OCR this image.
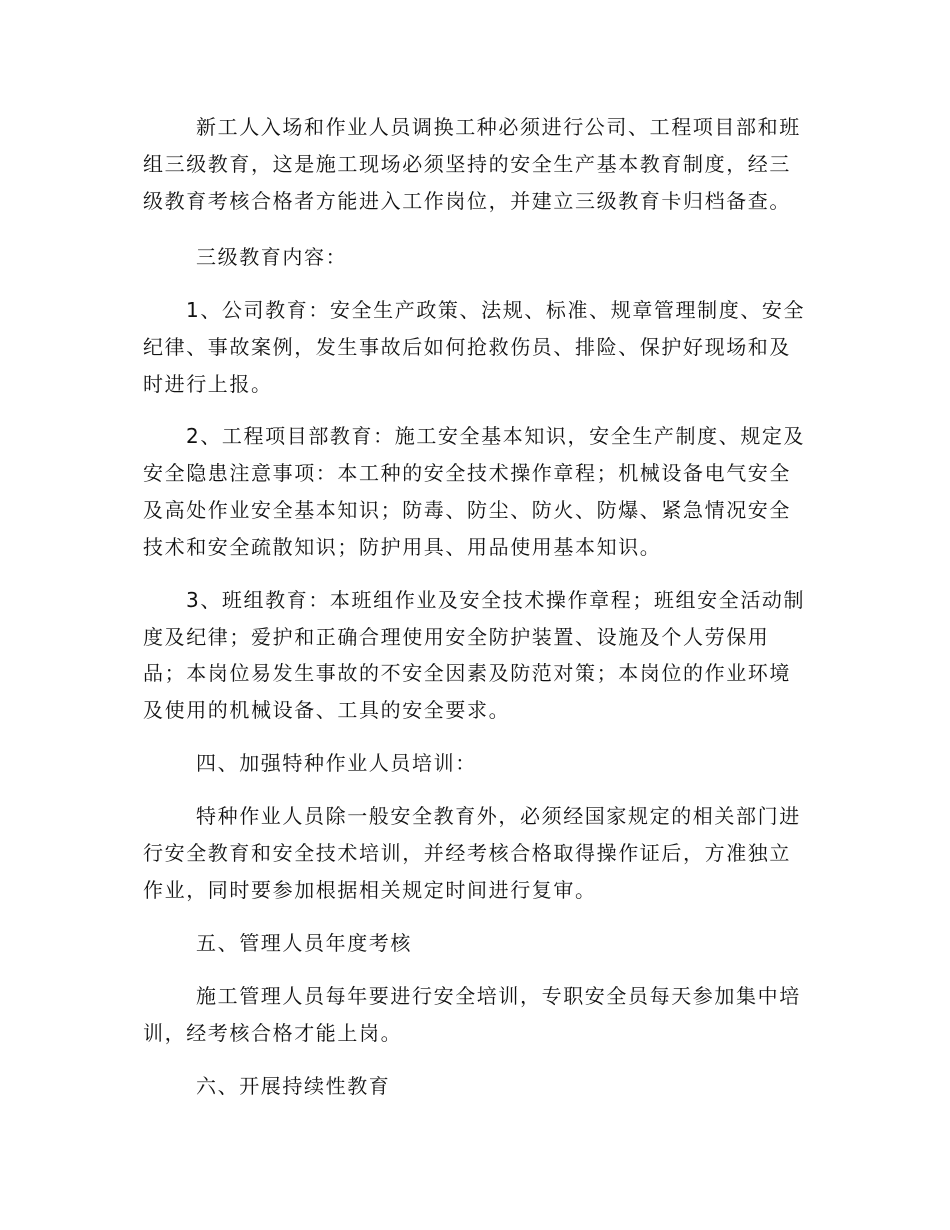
新工人入场和作业人员调换工种必须进行公司、工程项目部和班

组三级教育，这是施工现场必须坚持的安全生产基本教育制度，经三

级教育考核合格者方能进入工作岗位，并建立三级教育卡归档备查。

三级教育内容：

1、公司教育：安全生产政策、法规、标准、规章管理制度、安全

纪律、事故案例，发生事故后如何抢救伤员、排险、保护好现场和及

时进行上报。

2、工程项目部教育：施工安全基本知识，安全生产制度、规定及

安全隐患注意事项：本工种的安全技术操作章程；机械设备电气安全

及高处作业安全基本知识；防毒、防尘、防火、防爆、紧急情况安全

技术和安全疏散知识；防护用具、用品使用基本知识。

3、班组教育：本班组作业及安全技术操作章程；班组安全活动制

度及纪律；爱护和正确合理使用安全防护装置、设施及个人劳保用

品；本岗位易发生事故的不安全因素及防范对策；本岗位的作业环境

及使用的机械设备、工具的安全要求。

四、加强特种作业人员培训：

特种作业人员除一般安全教育外，必须经国家规定的相关部门进

行安全教育和安全技术培训，并经考核合格取得操作证后，方准独立

作业，同时要参加根据相关规定时间进行复审。

五、管理人员年度考核

施工管理人员每年要进行安全培训，专职安全员每天参加集中培

训，经考核合格才能上岗。

六、开展持续性教育
